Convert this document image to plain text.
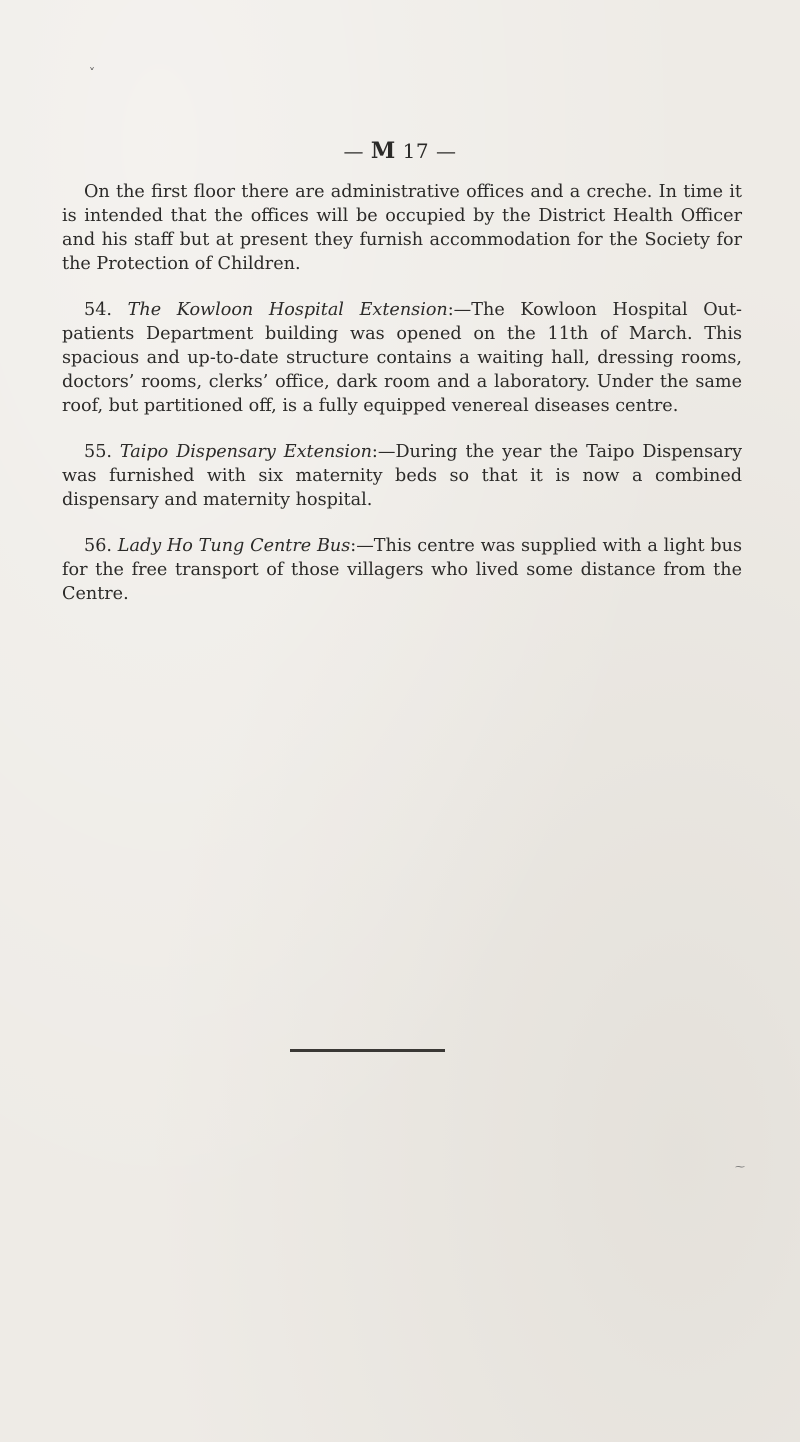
˅
— M 17 —

On the first floor there are administrative offices and a creche. In time it is intended that the offices will be occupied by the District Health Officer and his staff but at present they furnish accommodation for the Society for the Protection of Children.

54. The Kowloon Hospital Extension:—The Kowloon Hospital Out-patients Department building was opened on the 11th of March. This spacious and up-to-date structure contains a waiting hall, dressing rooms, doctors’ rooms, clerks’ office, dark room and a laboratory. Under the same roof, but partitioned off, is a fully equipped venereal diseases centre.

55. Taipo Dispensary Extension:—During the year the Taipo Dispensary was furnished with six maternity beds so that it is now a combined dispensary and maternity hospital.

56. Lady Ho Tung Centre Bus:—This centre was supplied with a light bus for the free transport of those villagers who lived some distance from the Centre.

⁓
